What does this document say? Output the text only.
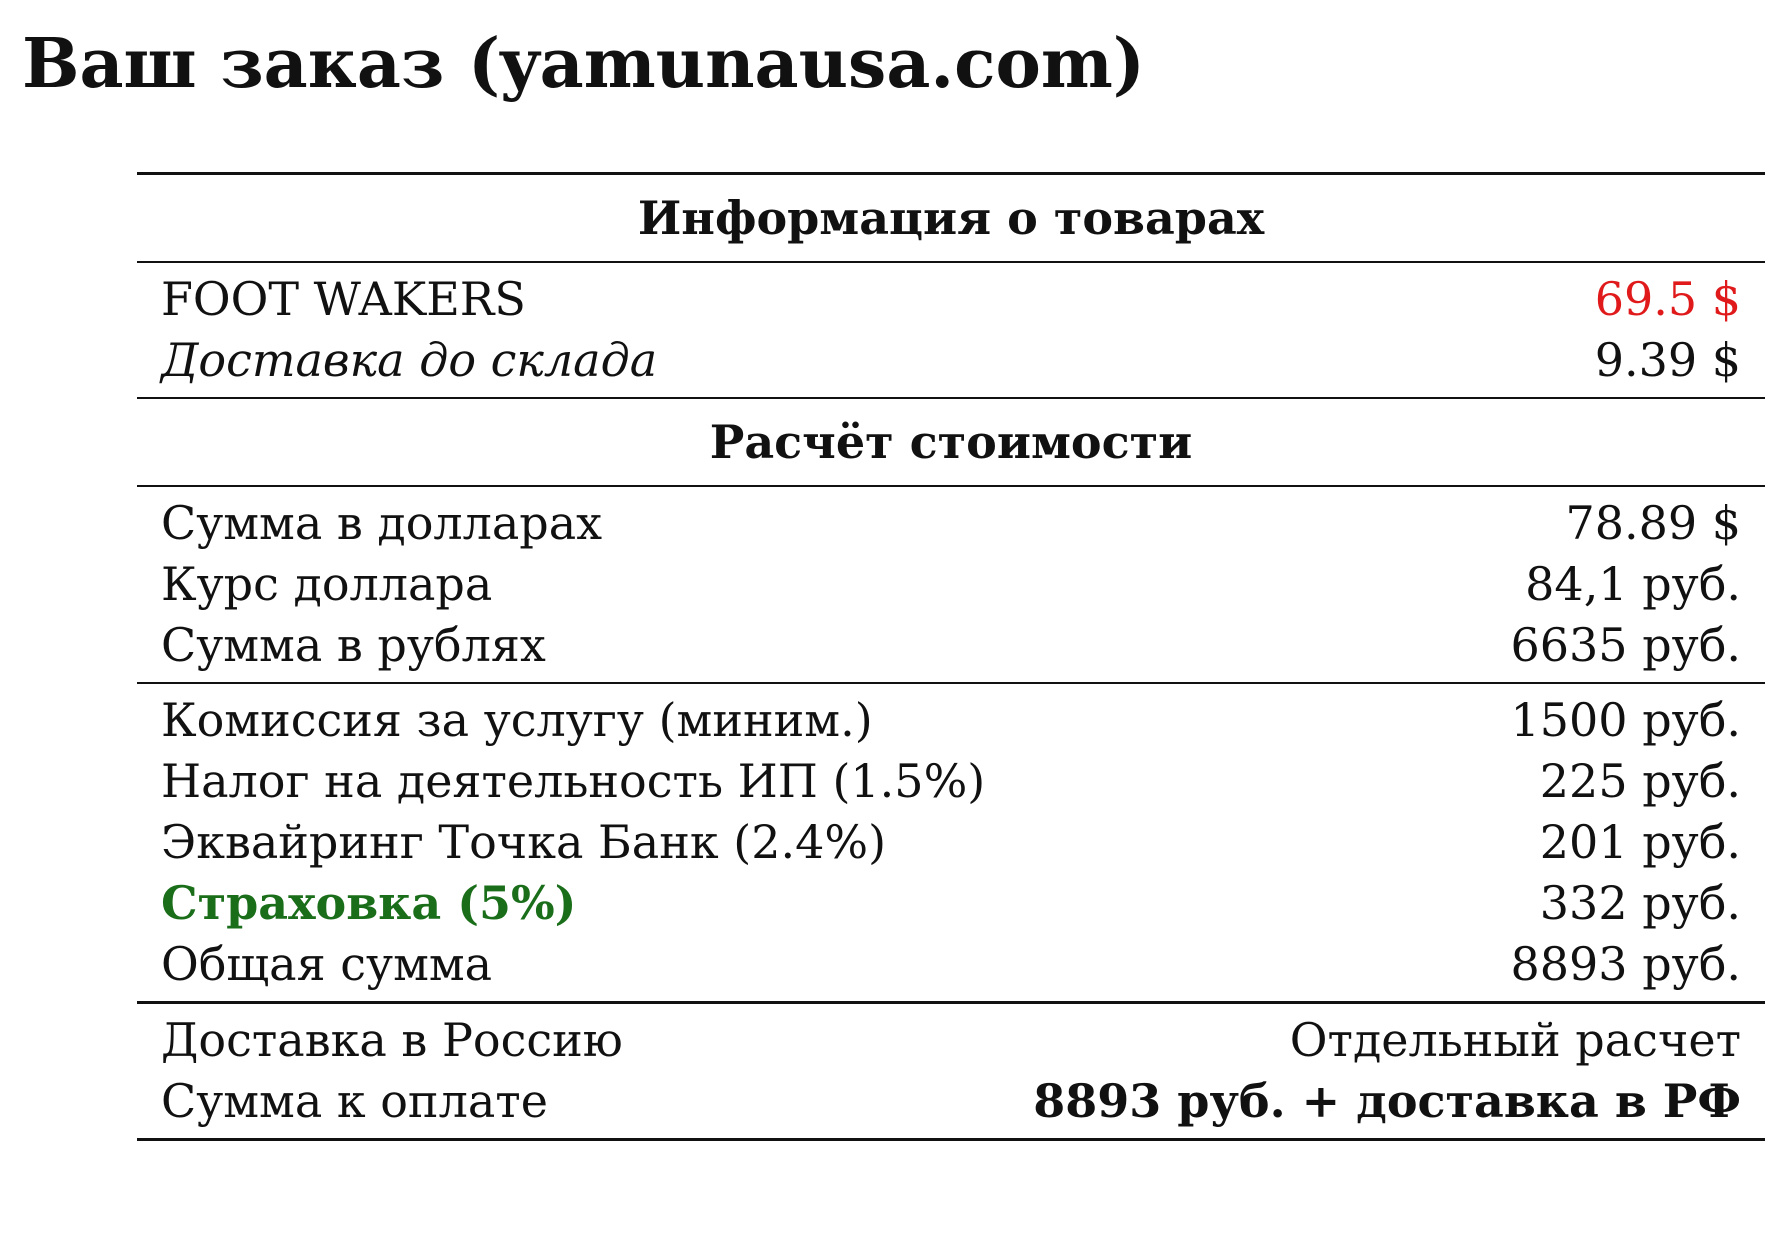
Ваш заказ (yamunausa.com)
Информация о товарах	
FOOT WAKERS	69.5 $
Доставка до склада	9.39 $
Расчёт стоимости	
Сумма в долларах	78.89 $
Курс доллара	84,1 руб.
Сумма в рублях	6635 руб.
Комиссия за услугу (миним.)	1500 руб.
Налог на деятельность ИП (1.5%)	225 руб.
Эквайринг Точка Банк (2.4%)	201 руб.
Страховка (5%)	332 руб.
Общая сумма	8893 руб.
Доставка в Россию	Отдельный расчет
Сумма к оплате	8893 руб. + доставка в РФ
